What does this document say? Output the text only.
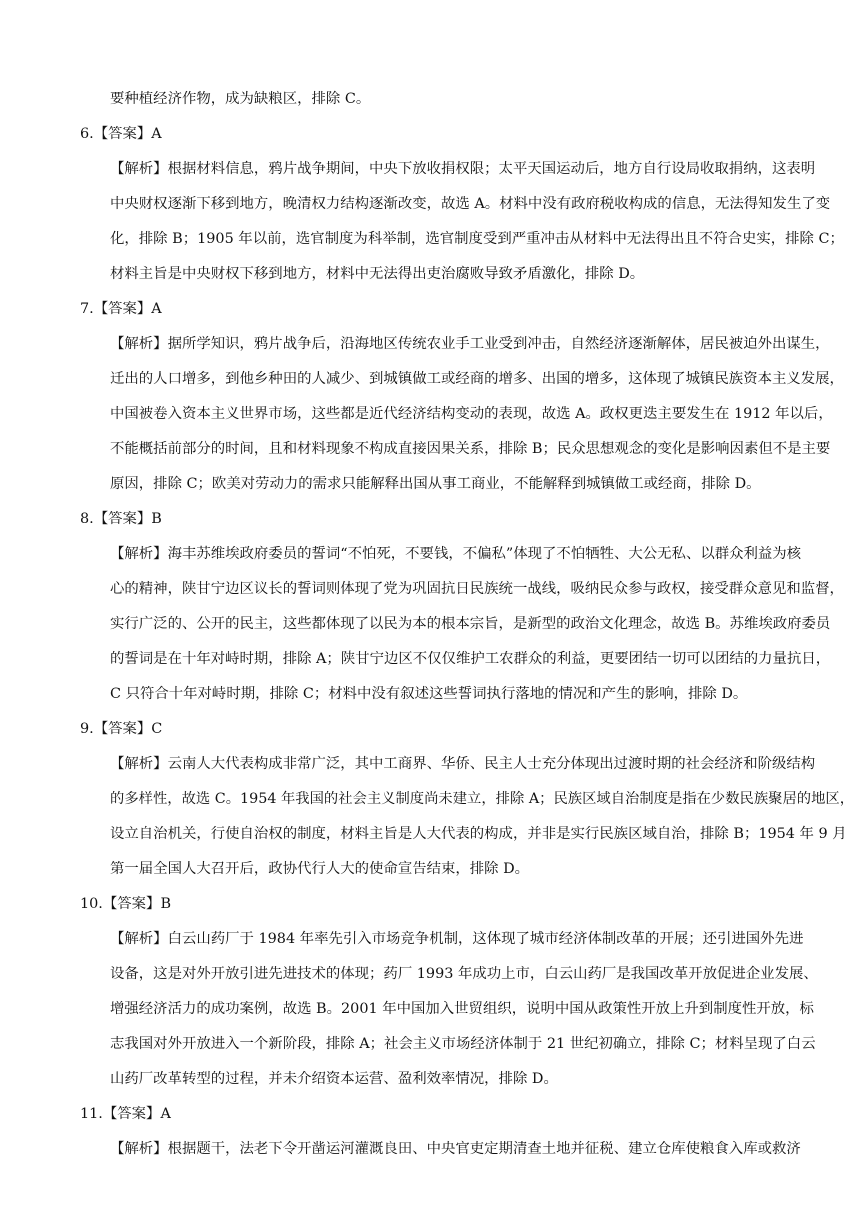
要种植经济作物，成为缺粮区，排除 C。
6.【答案】A
【解析】根据材料信息，鸦片战争期间，中央下放收捐权限；太平天国运动后，地方自行设局收取捐纳，这表明
中央财权逐渐下移到地方，晚清权力结构逐渐改变，故选 A。材料中没有政府税收构成的信息，无法得知发生了变
化，排除 B；1905 年以前，选官制度为科举制，选官制度受到严重冲击从材料中无法得出且不符合史实，排除 C；
材料主旨是中央财权下移到地方，材料中无法得出吏治腐败导致矛盾激化，排除 D。
7.【答案】A
【解析】据所学知识，鸦片战争后，沿海地区传统农业手工业受到冲击，自然经济逐渐解体，居民被迫外出谋生，
迁出的人口增多，到他乡种田的人减少、到城镇做工或经商的增多、出国的增多，这体现了城镇民族资本主义发展，
中国被卷入资本主义世界市场，这些都是近代经济结构变动的表现，故选 A。政权更迭主要发生在 1912 年以后，
不能概括前部分的时间，且和材料现象不构成直接因果关系，排除 B；民众思想观念的变化是影响因素但不是主要
原因，排除 C；欧美对劳动力的需求只能解释出国从事工商业，不能解释到城镇做工或经商，排除 D。
8.【答案】B
【解析】海丰苏维埃政府委员的誓词“不怕死，不要钱，不偏私”体现了不怕牺牲、大公无私、以群众利益为核
心的精神，陕甘宁边区议长的誓词则体现了党为巩固抗日民族统一战线，吸纳民众参与政权，接受群众意见和监督，
实行广泛的、公开的民主，这些都体现了以民为本的根本宗旨，是新型的政治文化理念，故选 B。苏维埃政府委员
的誓词是在十年对峙时期，排除 A；陕甘宁边区不仅仅维护工农群众的利益，更要团结一切可以团结的力量抗日，
C 只符合十年对峙时期，排除 C；材料中没有叙述这些誓词执行落地的情况和产生的影响，排除 D。
9.【答案】C
【解析】云南人大代表构成非常广泛，其中工商界、华侨、民主人士充分体现出过渡时期的社会经济和阶级结构
的多样性，故选 C。1954 年我国的社会主义制度尚未建立，排除 A；民族区域自治制度是指在少数民族聚居的地区，
设立自治机关，行使自治权的制度，材料主旨是人大代表的构成，并非是实行民族区域自治，排除 B；1954 年 9 月
第一届全国人大召开后，政协代行人大的使命宣告结束，排除 D。
10.【答案】B
【解析】白云山药厂于 1984 年率先引入市场竞争机制，这体现了城市经济体制改革的开展；还引进国外先进
设备，这是对外开放引进先进技术的体现；药厂 1993 年成功上市，白云山药厂是我国改革开放促进企业发展、
增强经济活力的成功案例，故选 B。2001 年中国加入世贸组织，说明中国从政策性开放上升到制度性开放，标
志我国对外开放进入一个新阶段，排除 A；社会主义市场经济体制于 21 世纪初确立，排除 C；材料呈现了白云
山药厂改革转型的过程，并未介绍资本运营、盈利效率情况，排除 D。
11.【答案】A
【解析】根据题干，法老下令开凿运河灌溉良田、中央官吏定期清查土地并征税、建立仓库使粮食入库或救济
